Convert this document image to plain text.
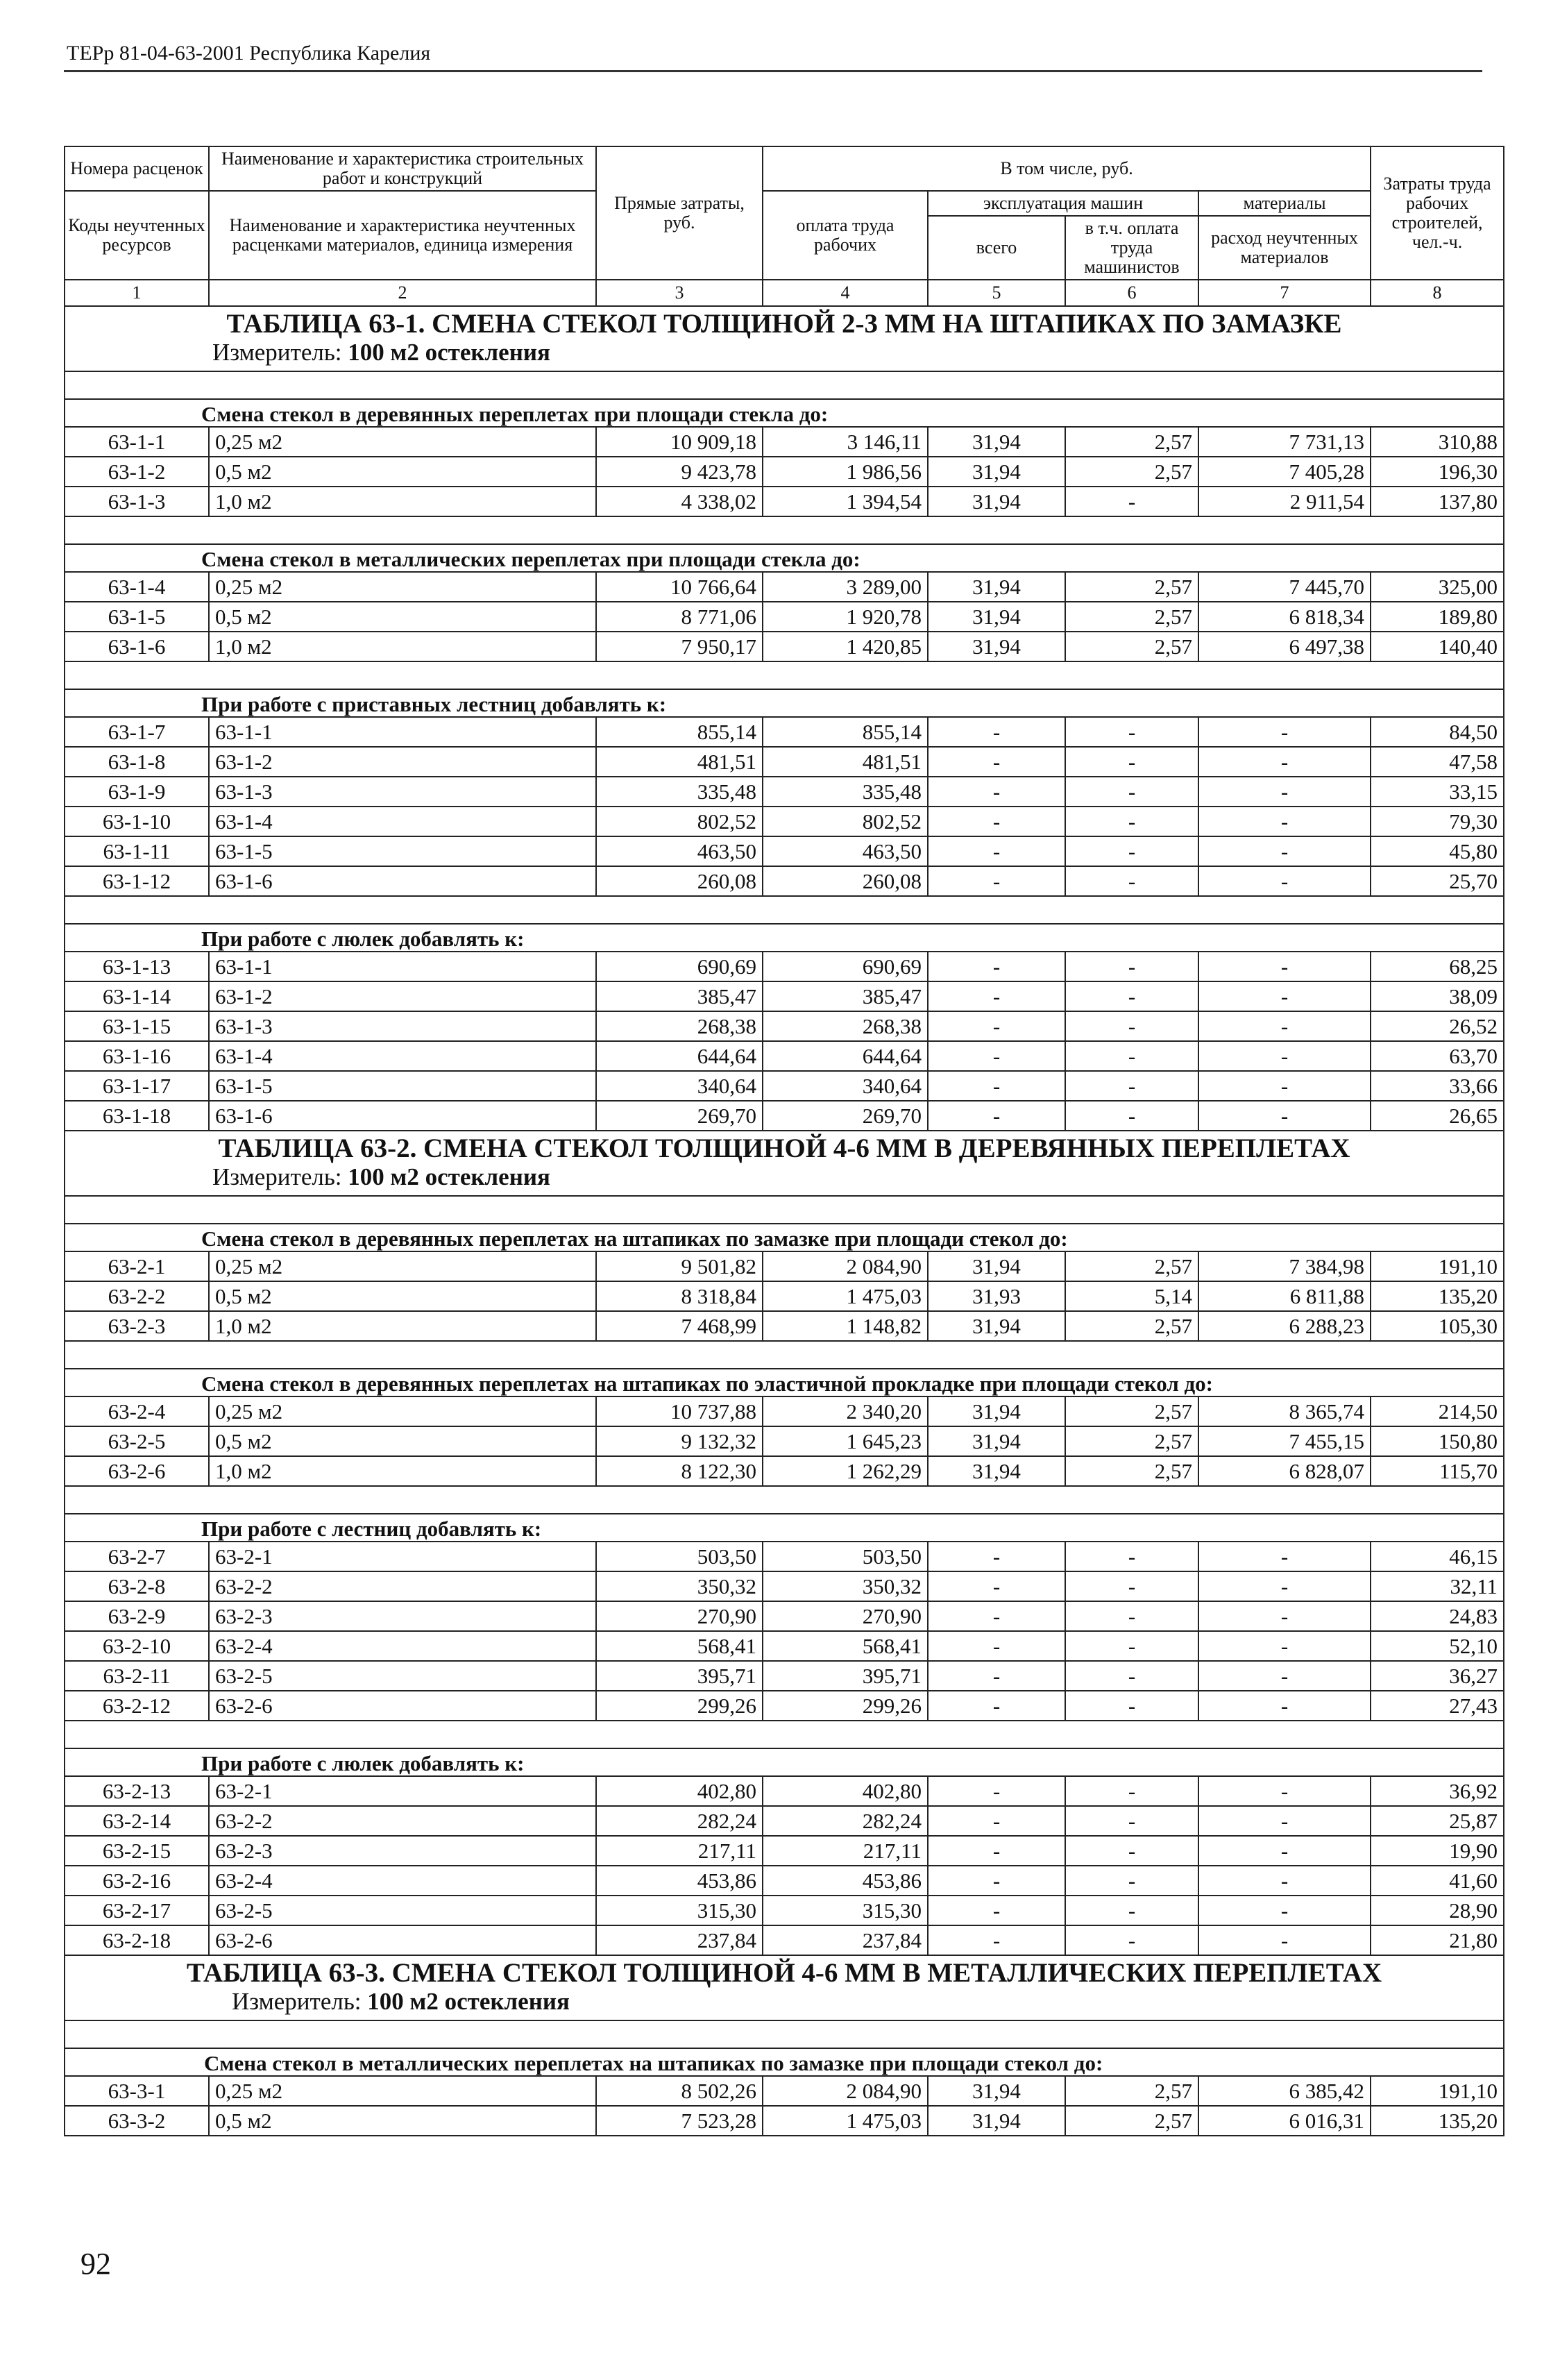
ТЕРр 81-04-63-2001 Республика Карелия
Номера расценок	Наименование и характеристика строительных работ и конструкций	Прямые затраты, руб.	В том числе, руб.				Затраты труда рабочих строителей, чел.-ч.
Коды неучтенных ресурсов	Наименование и характеристика неучтенных расценками материалов, единица измерения		оплата труда рабочих	эксплуатация машин		материалы	
				всего	в т.ч. оплата труда машинистов	расход неучтенных материалов	
1	2	3	4	5	6	7	8

ТАБЛИЦА 63-1. СМЕНА СТЕКОЛ ТОЛЩИНОЙ 2-3 ММ НА ШТАПИКАХ ПО ЗАМАЗКЕ
Измеритель: 100 м2 остекления							

Смена стекол в деревянных переплетах при площади стекла до:							
63-1-1	0,25 м2	10 909,18	3 146,11	31,94	2,57	7 731,13	310,88
63-1-2	0,5 м2	9 423,78	1 986,56	31,94	2,57	7 405,28	196,30
63-1-3	1,0 м2	4 338,02	1 394,54	31,94	-	2 911,54	137,80

Смена стекол в металлических переплетах при площади стекла до:							
63-1-4	0,25 м2	10 766,64	3 289,00	31,94	2,57	7 445,70	325,00
63-1-5	0,5 м2	8 771,06	1 920,78	31,94	2,57	6 818,34	189,80
63-1-6	1,0 м2	7 950,17	1 420,85	31,94	2,57	6 497,38	140,40

При работе с приставных лестниц добавлять к:							
63-1-7	63-1-1	855,14	855,14	-	-	-	84,50
63-1-8	63-1-2	481,51	481,51	-	-	-	47,58
63-1-9	63-1-3	335,48	335,48	-	-	-	33,15
63-1-10	63-1-4	802,52	802,52	-	-	-	79,30
63-1-11	63-1-5	463,50	463,50	-	-	-	45,80
63-1-12	63-1-6	260,08	260,08	-	-	-	25,70

При работе с люлек добавлять к:							
63-1-13	63-1-1	690,69	690,69	-	-	-	68,25
63-1-14	63-1-2	385,47	385,47	-	-	-	38,09
63-1-15	63-1-3	268,38	268,38	-	-	-	26,52
63-1-16	63-1-4	644,64	644,64	-	-	-	63,70
63-1-17	63-1-5	340,64	340,64	-	-	-	33,66
63-1-18	63-1-6	269,70	269,70	-	-	-	26,65

ТАБЛИЦА 63-2. СМЕНА СТЕКОЛ ТОЛЩИНОЙ 4-6 ММ В ДЕРЕВЯННЫХ ПЕРЕПЛЕТАХ
Измеритель: 100 м2 остекления							

Смена стекол в деревянных переплетах на штапиках по замазке при площади стекол до:							
63-2-1	0,25 м2	9 501,82	2 084,90	31,94	2,57	7 384,98	191,10
63-2-2	0,5 м2	8 318,84	1 475,03	31,93	5,14	6 811,88	135,20
63-2-3	1,0 м2	7 468,99	1 148,82	31,94	2,57	6 288,23	105,30

Смена стекол в деревянных переплетах на штапиках по эластичной прокладке при площади стекол до:							
63-2-4	0,25 м2	10 737,88	2 340,20	31,94	2,57	8 365,74	214,50
63-2-5	0,5 м2	9 132,32	1 645,23	31,94	2,57	7 455,15	150,80
63-2-6	1,0 м2	8 122,30	1 262,29	31,94	2,57	6 828,07	115,70

При работе с лестниц добавлять к:							
63-2-7	63-2-1	503,50	503,50	-	-	-	46,15
63-2-8	63-2-2	350,32	350,32	-	-	-	32,11
63-2-9	63-2-3	270,90	270,90	-	-	-	24,83
63-2-10	63-2-4	568,41	568,41	-	-	-	52,10
63-2-11	63-2-5	395,71	395,71	-	-	-	36,27
63-2-12	63-2-6	299,26	299,26	-	-	-	27,43

При работе с люлек добавлять к:							
63-2-13	63-2-1	402,80	402,80	-	-	-	36,92
63-2-14	63-2-2	282,24	282,24	-	-	-	25,87
63-2-15	63-2-3	217,11	217,11	-	-	-	19,90
63-2-16	63-2-4	453,86	453,86	-	-	-	41,60
63-2-17	63-2-5	315,30	315,30	-	-	-	28,90
63-2-18	63-2-6	237,84	237,84	-	-	-	21,80

ТАБЛИЦА 63-3. СМЕНА СТЕКОЛ ТОЛЩИНОЙ 4-6 ММ В МЕТАЛЛИЧЕСКИХ ПЕРЕПЛЕТАХ
Измеритель: 100 м2 остекления							

Смена стекол в металлических переплетах на штапиках по замазке при площади стекол до:							
63-3-1	0,25 м2	8 502,26	2 084,90	31,94	2,57	6 385,42	191,10
63-3-2	0,5 м2	7 523,28	1 475,03	31,94	2,57	6 016,31	135,20
92
